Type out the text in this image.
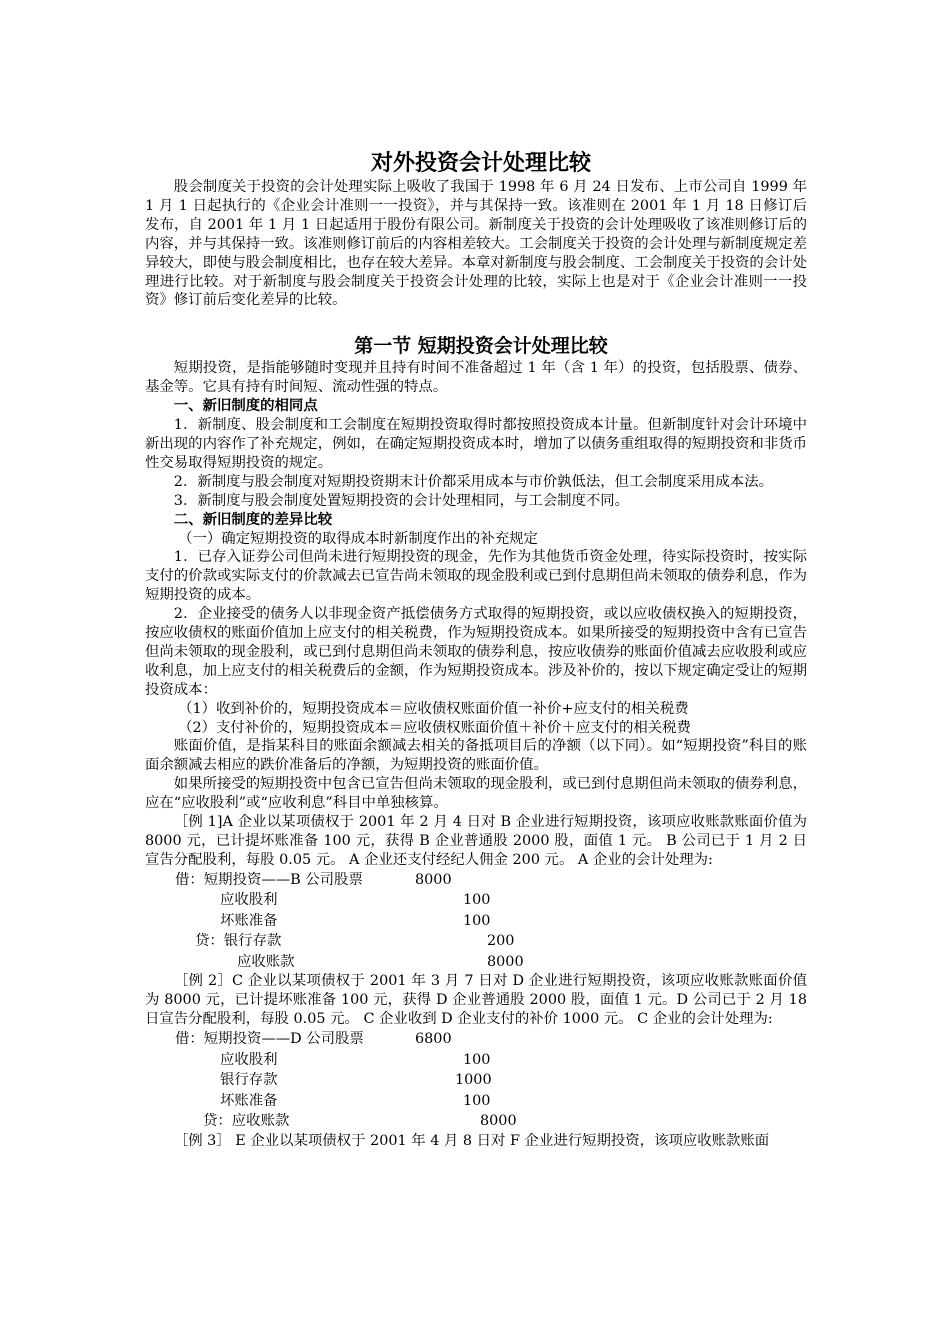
对外投资会计处理比较

股会制度关于投资的会计处理实际上吸收了我国于 1998 年 6 月 24 日发布、上市公司自 1999 年 1 月 1 日起执行的《企业会计准则一一投资》，并与其保持一致。该准则在 2001 年 1 月 18 日修订后发布，自 2001 年 1 月 1 日起适用于股份有限公司。新制度关于投资的会计处理吸收了该准则修订后的内容，并与其保持一致。该准则修订前后的内容相差较大。工会制度关于投资的会计处理与新制度规定差异较大，即使与股会制度相比，也存在较大差异。本章对新制度与股会制度、工会制度关于投资的会计处理进行比较。对于新制度与股会制度关于投资会计处理的比较，实际上也是对于《企业会计准则一一投资》修订前后变化差异的比较。

第一节 短期投资会计处理比较

短期投资，是指能够随时变现并且持有时间不准备超过 1 年（含 1 年）的投资，包括股票、债券、基金等。它具有持有时间短、流动性强的特点。

一、新旧制度的相同点

1．新制度、股会制度和工会制度在短期投资取得时都按照投资成本计量。但新制度针对会计环境中新出现的内容作了补充规定，例如，在确定短期投资成本时，增加了以债务重组取得的短期投资和非货币性交易取得短期投资的规定。

2．新制度与股会制度对短期投资期末计价都采用成本与市价孰低法，但工会制度采用成本法。

3．新制度与股会制度处置短期投资的会计处理相同，与工会制度不同。

二、新旧制度的差异比较

（一）确定短期投资的取得成本时新制度作出的补充规定

1．已存入证券公司但尚未进行短期投资的现金，先作为其他货币资金处理，待实际投资时，按实际支付的价款或实际支付的价款减去已宣告尚未领取的现金股利或已到付息期但尚未领取的债券利息，作为短期投资的成本。

2．企业接受的债务人以非现金资产抵偿债务方式取得的短期投资，或以应收债权换入的短期投资，按应收债权的账面价值加上应支付的相关税费，作为短期投资成本。如果所接受的短期投资中含有已宣告但尚未领取的现金股利，或已到付息期但尚未领取的债券利息，按应收债券的账面价值减去应收股利或应收利息，加上应支付的相关税费后的金额，作为短期投资成本。涉及补价的，按以下规定确定受让的短期投资成本：

（1）收到补价的，短期投资成本＝应收债权账面价值一补价+应支付的相关税费

（2）支付补价的，短期投资成本＝应收债权账面价值＋补价＋应支付的相关税费

账面价值，是指某科目的账面余额减去相关的备抵项目后的净额（以下同）。如“短期投资”科目的账面余额减去相应的跌价准备后的净额，为短期投资的账面价值。

如果所接受的短期投资中包含已宣告但尚未领取的现金股利，或已到付息期但尚未领取的债券利息，应在“应收股利”或“应收利息”科目中单独核算。

［例 1]A 企业以某项债权于 2001 年 2 月 4 日对 B 企业进行短期投资，该项应收账款账面价值为 8000 元，已计提坏账准备 100 元，获得 B 企业普通股 2000 股，面值 1 元。 B 公司已于 1 月 2 日宣告分配股利，每股 0.05 元。 A 企业还支付经纪人佣金 200 元。 A 企业的会计处理为:

借：短期投资——B 公司股票	8000
应收股利	100
坏账准备	100
贷：银行存款	200
应收账款	8000

［例 2］C 企业以某项债权于 2001 年 3 月 7 日对 D 企业进行短期投资，该项应收账款账面价值为 8000 元，已计提坏账准备 100 元，获得 D 企业普通股 2000 股，面值 1 元。D 公司已于 2 月 18 日宣告分配股利，每股 0.05 元。 C 企业收到 D 企业支付的补价 1000 元。 C 企业的会计处理为:

借：短期投资——D 公司股票	6800
应收股利	100
银行存款	1000
坏账准备	100
贷：应收账款	8000

［例 3］ E 企业以某项债权于 2001 年 4 月 8 日对 F 企业进行短期投资，该项应收账款账面
